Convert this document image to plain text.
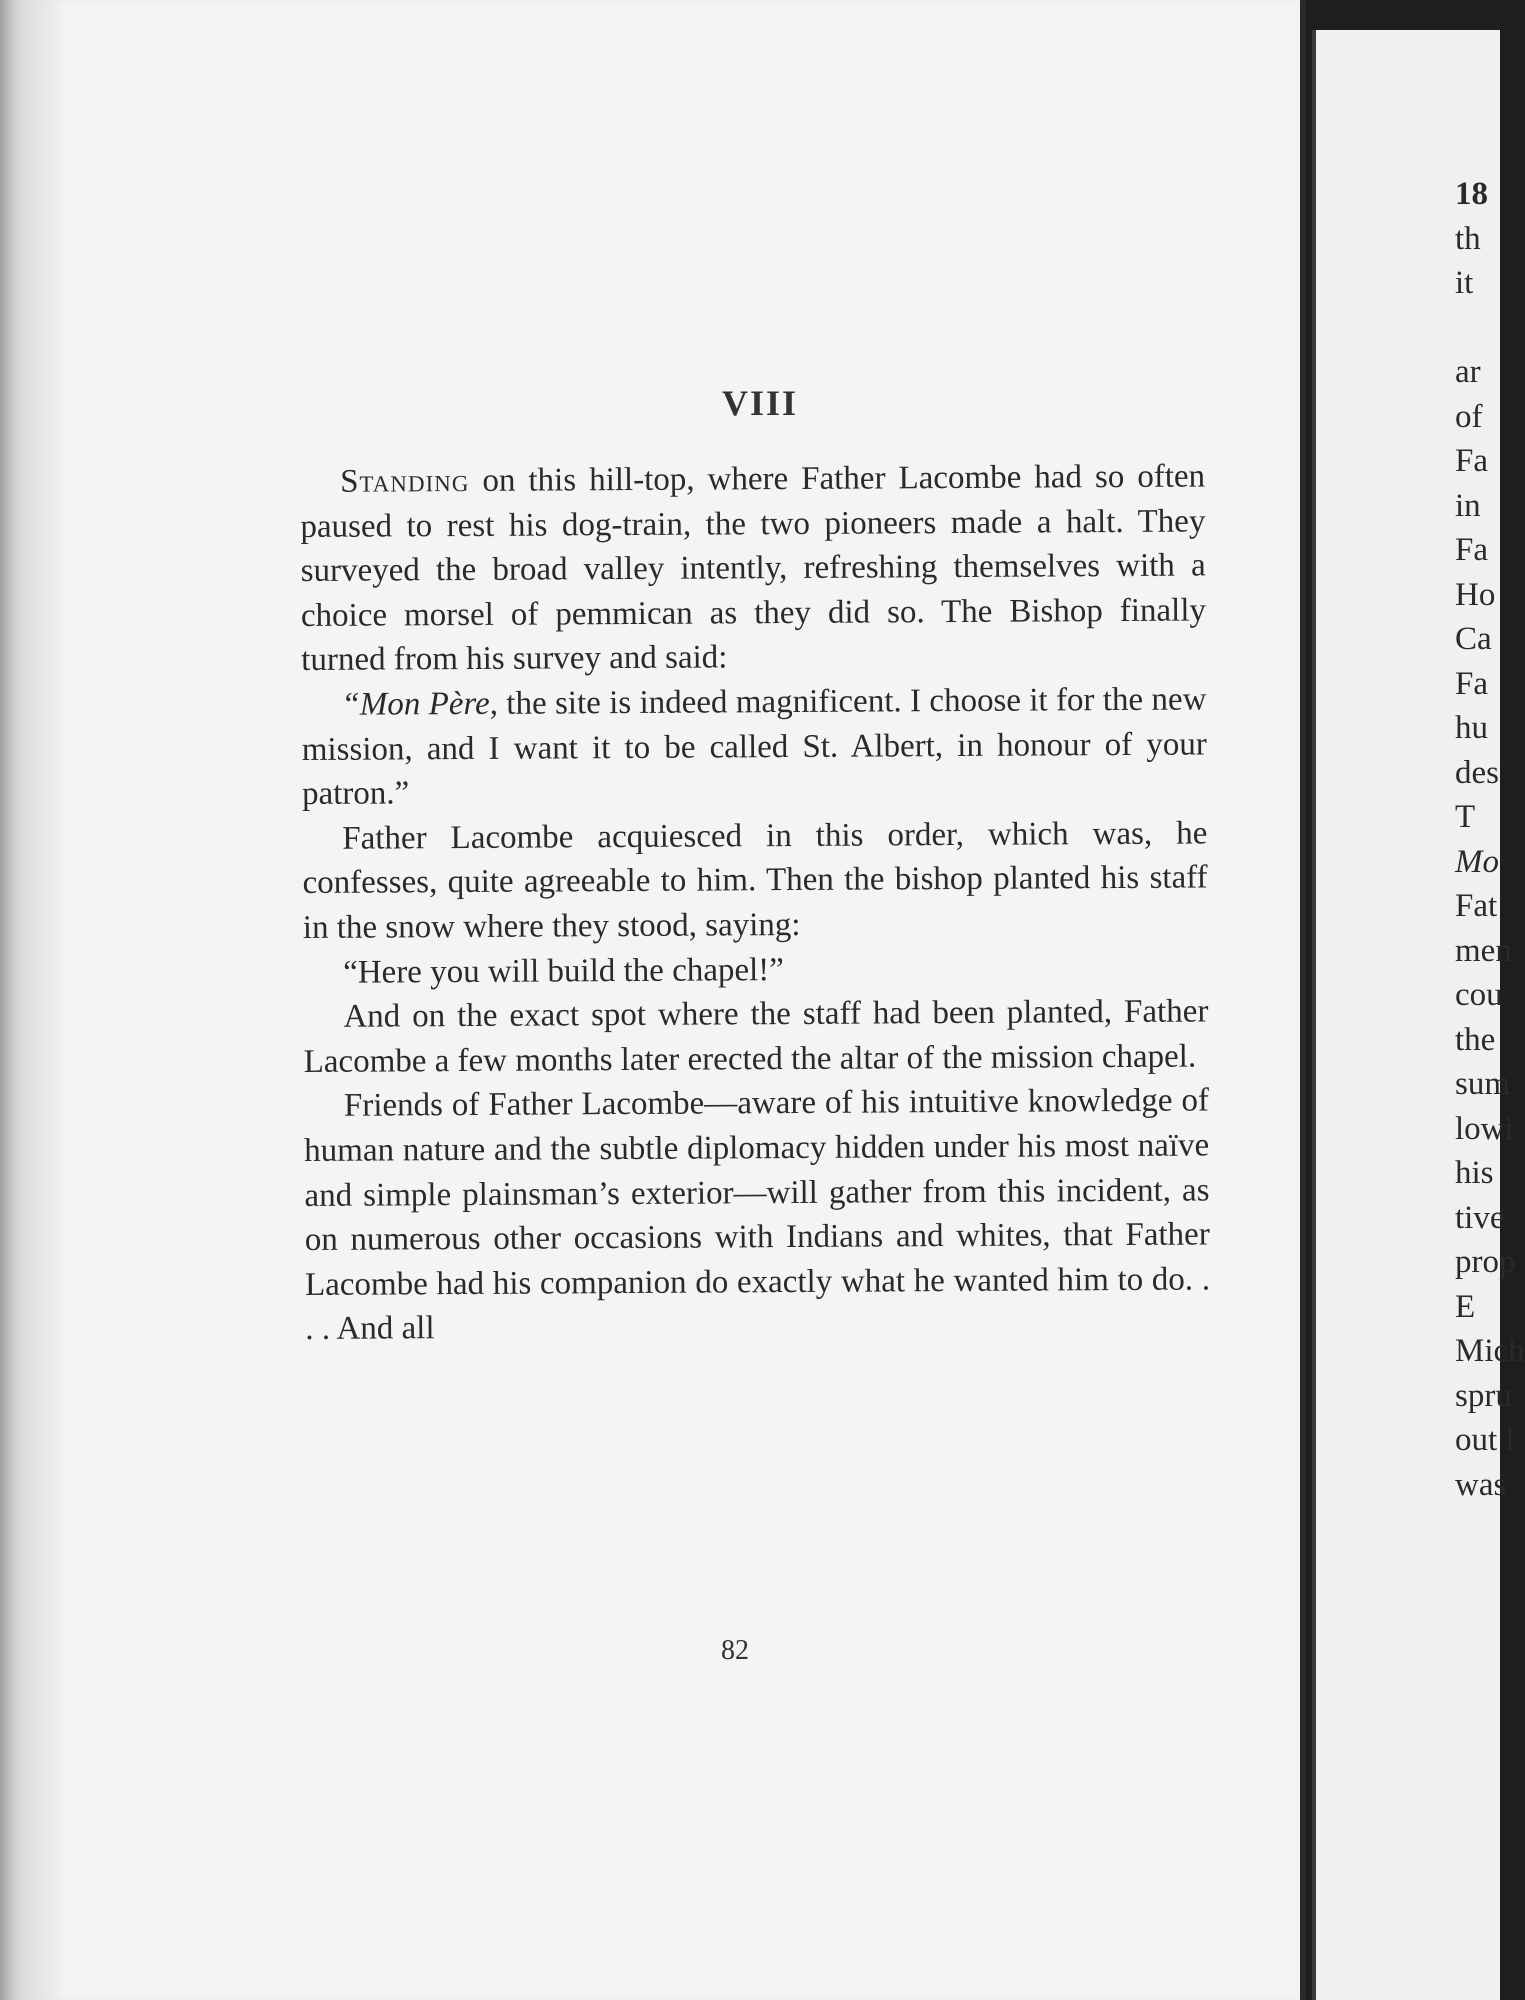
VIII

Standing on this hill-top, where Father Lacombe had so often paused to rest his dog-train, the two pioneers made a halt. They surveyed the broad valley intently, refreshing themselves with a choice morsel of pemmican as they did so. The Bishop finally turned from his survey and said:

“Mon Père, the site is indeed magnificent. I choose it for the new mission, and I want it to be called St. Albert, in honour of your patron.”

Father Lacombe acquiesced in this order, which was, he confesses, quite agreeable to him. Then the bishop planted his staff in the snow where they stood, saying:

“Here you will build the chapel!”

And on the exact spot where the staff had been planted, Father Lacombe a few months later erected the altar of the mission chapel.

Friends of Father Lacombe—aware of his intuitive knowledge of human nature and the subtle diplomacy hidden under his most naïve and simple plainsman’s exterior—will gather from this incident, as on numerous other occasions with Indians and whites, that Father Lacombe had his companion do exactly what he wanted him to do. . . . And all

82
18
th
it
ar
of
Fa
in
Fa
Ho
Ca
Fa
hu
des
T
Mo
Fat
men
cou
the
sum
lowi
his
tive
prop
E
Mich
spru
out l
was
